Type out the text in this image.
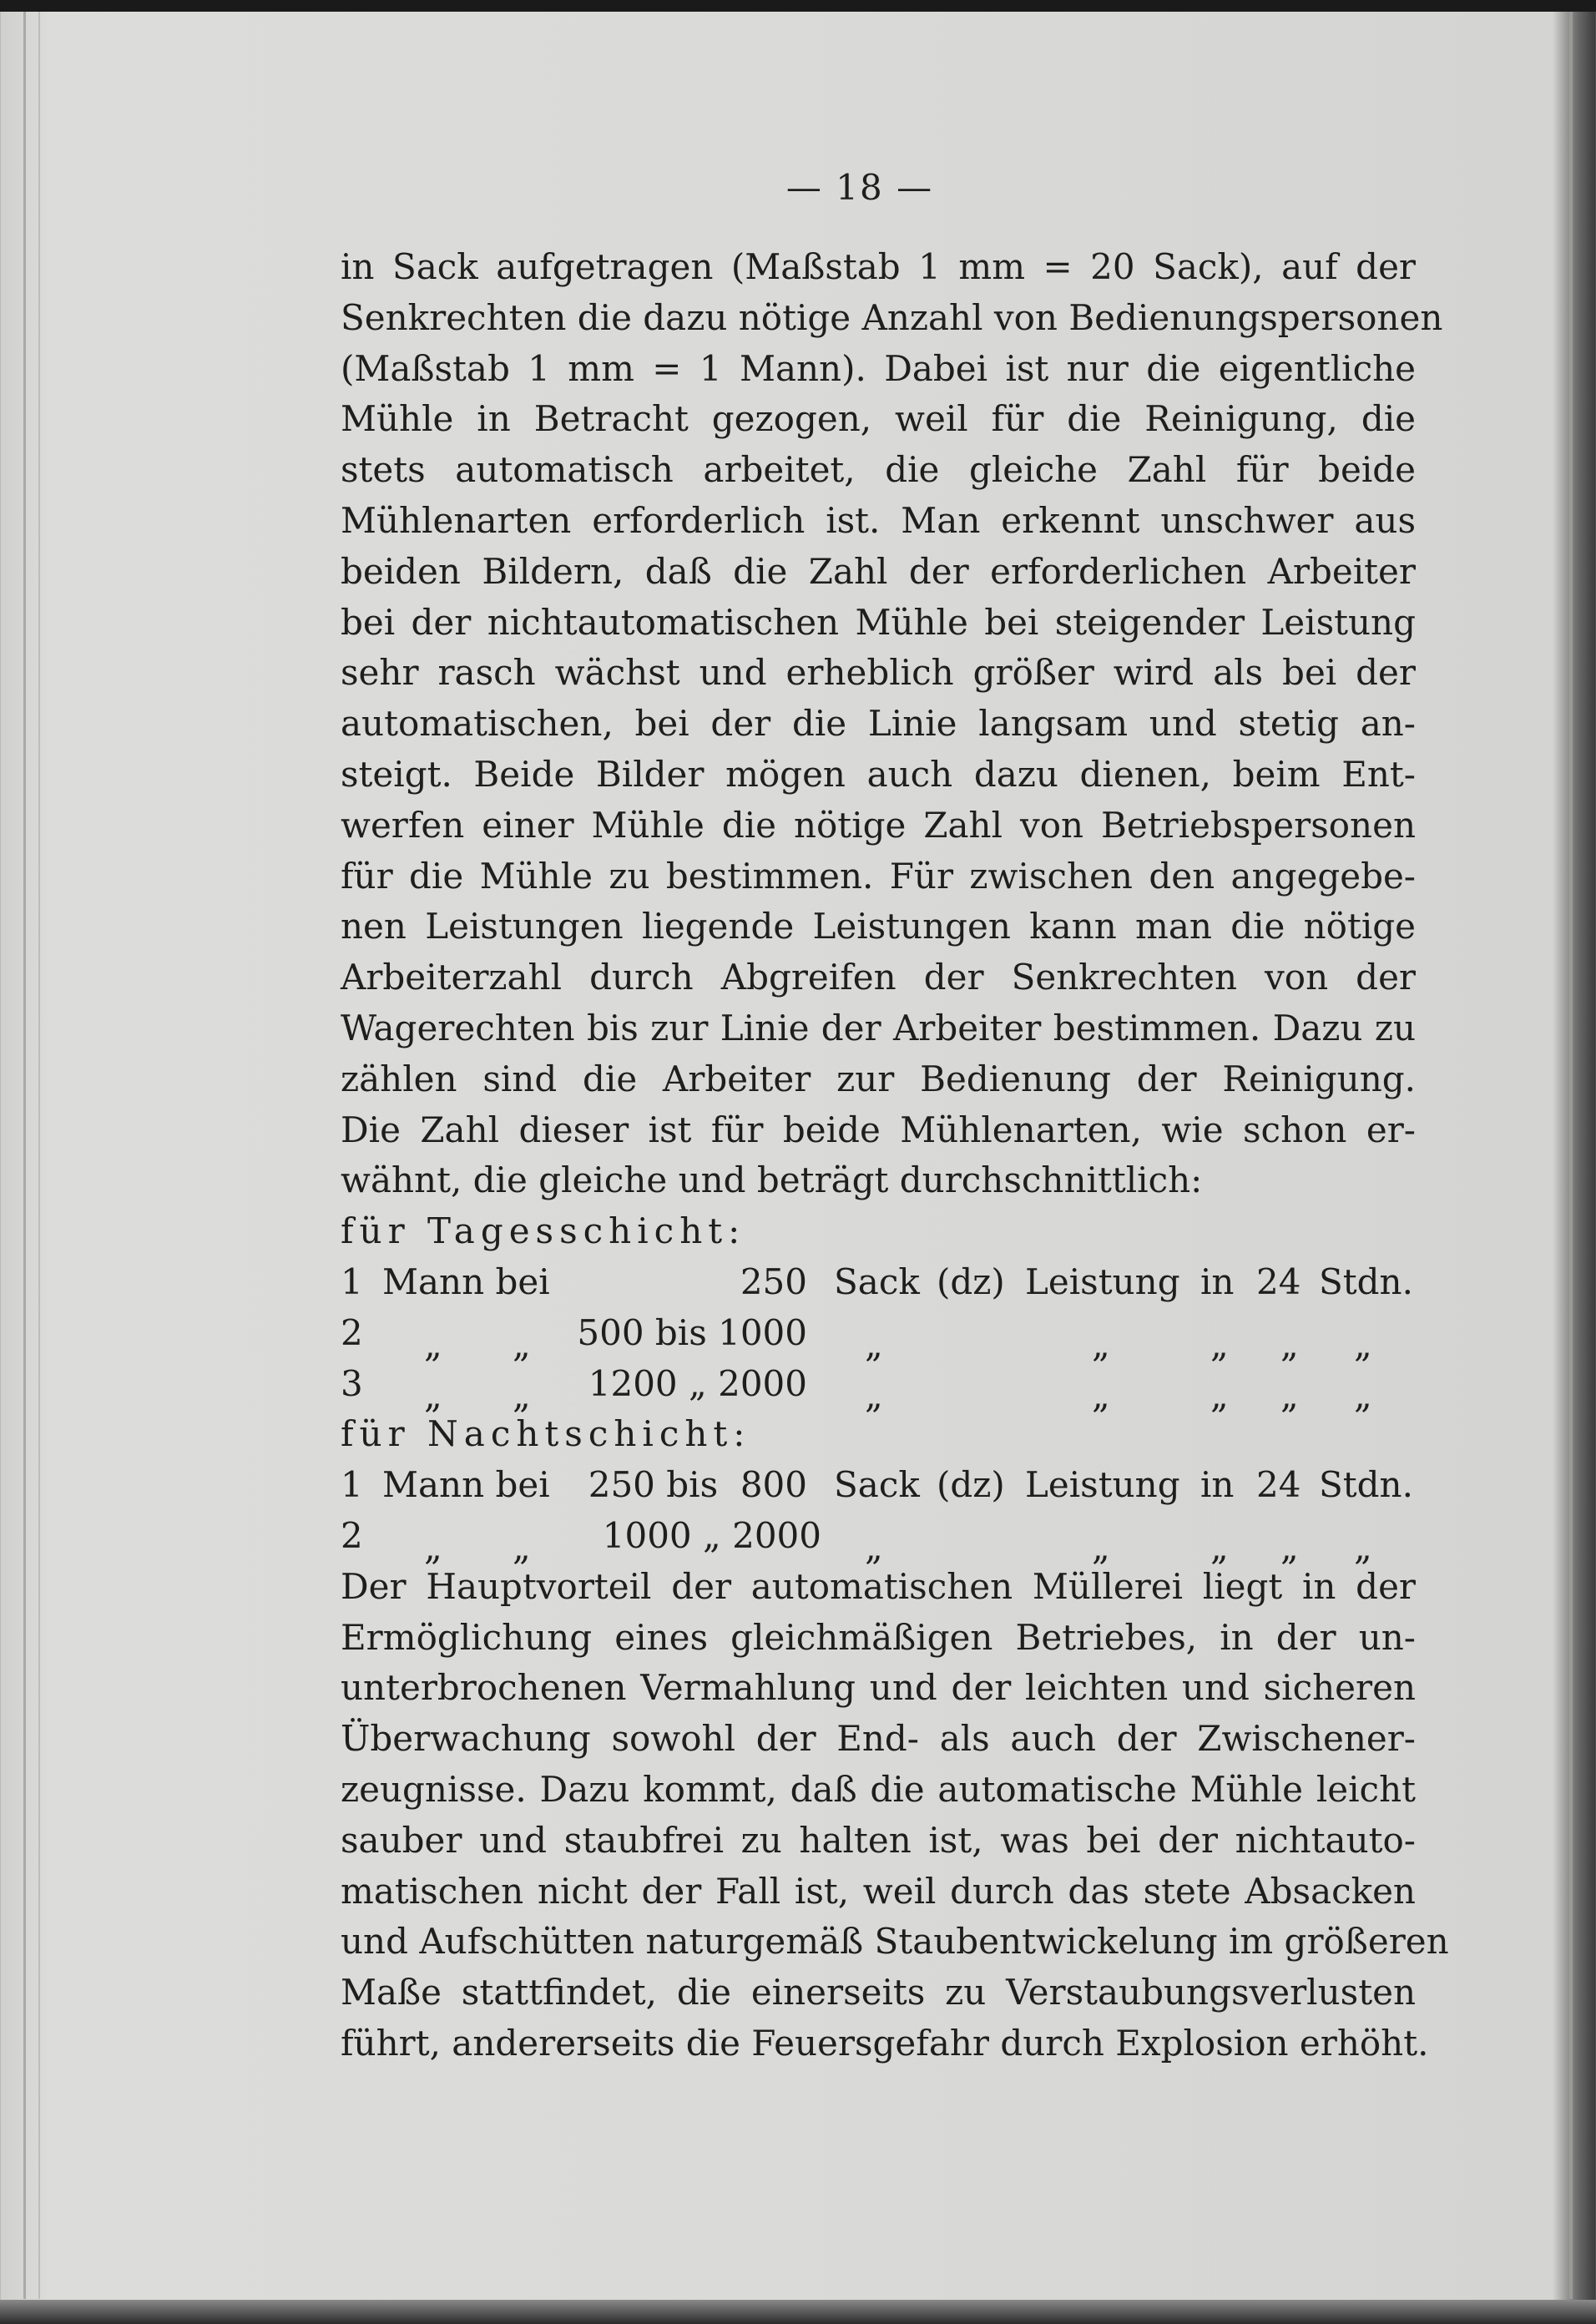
— 18 —
in Sack aufgetragen (Maßstab 1 mm = 20 Sack), auf der
Senkrechten die dazu nötige Anzahl von Bedienungspersonen
(Maßstab 1 mm = 1 Mann). Dabei ist nur die eigentliche
Mühle in Betracht gezogen, weil für die Reinigung, die
stets automatisch arbeitet, die gleiche Zahl für beide
Mühlenarten erforderlich ist. Man erkennt unschwer aus
beiden Bildern, daß die Zahl der erforderlichen Arbeiter
bei der nichtautomatischen Mühle bei steigender Leistung
sehr rasch wächst und erheblich größer wird als bei der
automatischen, bei der die Linie langsam und stetig an-
steigt. Beide Bilder mögen auch dazu dienen, beim Ent-
werfen einer Mühle die nötige Zahl von Betriebspersonen
für die Mühle zu bestimmen. Für zwischen den angegebe-
nen Leistungen liegende Leistungen kann man die nötige
Arbeiterzahl durch Abgreifen der Senkrechten von der
Wagerechten bis zur Linie der Arbeiter bestimmen. Dazu zu
zählen sind die Arbeiter zur Bedienung der Reinigung.
Die Zahl dieser ist für beide Mühlenarten, wie schon er-
wähnt, die gleiche und beträgt durchschnittlich:
für Tagesschicht:
1 Mann bei	250 Sack (dz) Leistung in 24 Stdn.
2 „ „ 500 bis 1000 „	„	„ „ „
3 „ „ 1200 „ 2000 „	„	„ „ „
für Nachtschicht:
1 Mann bei 250 bis  800 Sack (dz) Leistung in 24 Stdn.
2 „ „ 1000 „ 2000 „	„	„ „ „
Der Hauptvorteil der automatischen Müllerei liegt in der
Ermöglichung eines gleichmäßigen Betriebes, in der un-
unterbrochenen Vermahlung und der leichten und sicheren
Überwachung sowohl der End- als auch der Zwischener-
zeugnisse. Dazu kommt, daß die automatische Mühle leicht
sauber und staubfrei zu halten ist, was bei der nichtauto-
matischen nicht der Fall ist, weil durch das stete Absacken
und Aufschütten naturgemäß Staubentwickelung im größeren
Maße stattfindet, die einerseits zu Verstaubungsverlusten
führt, andererseits die Feuersgefahr durch Explosion erhöht.
